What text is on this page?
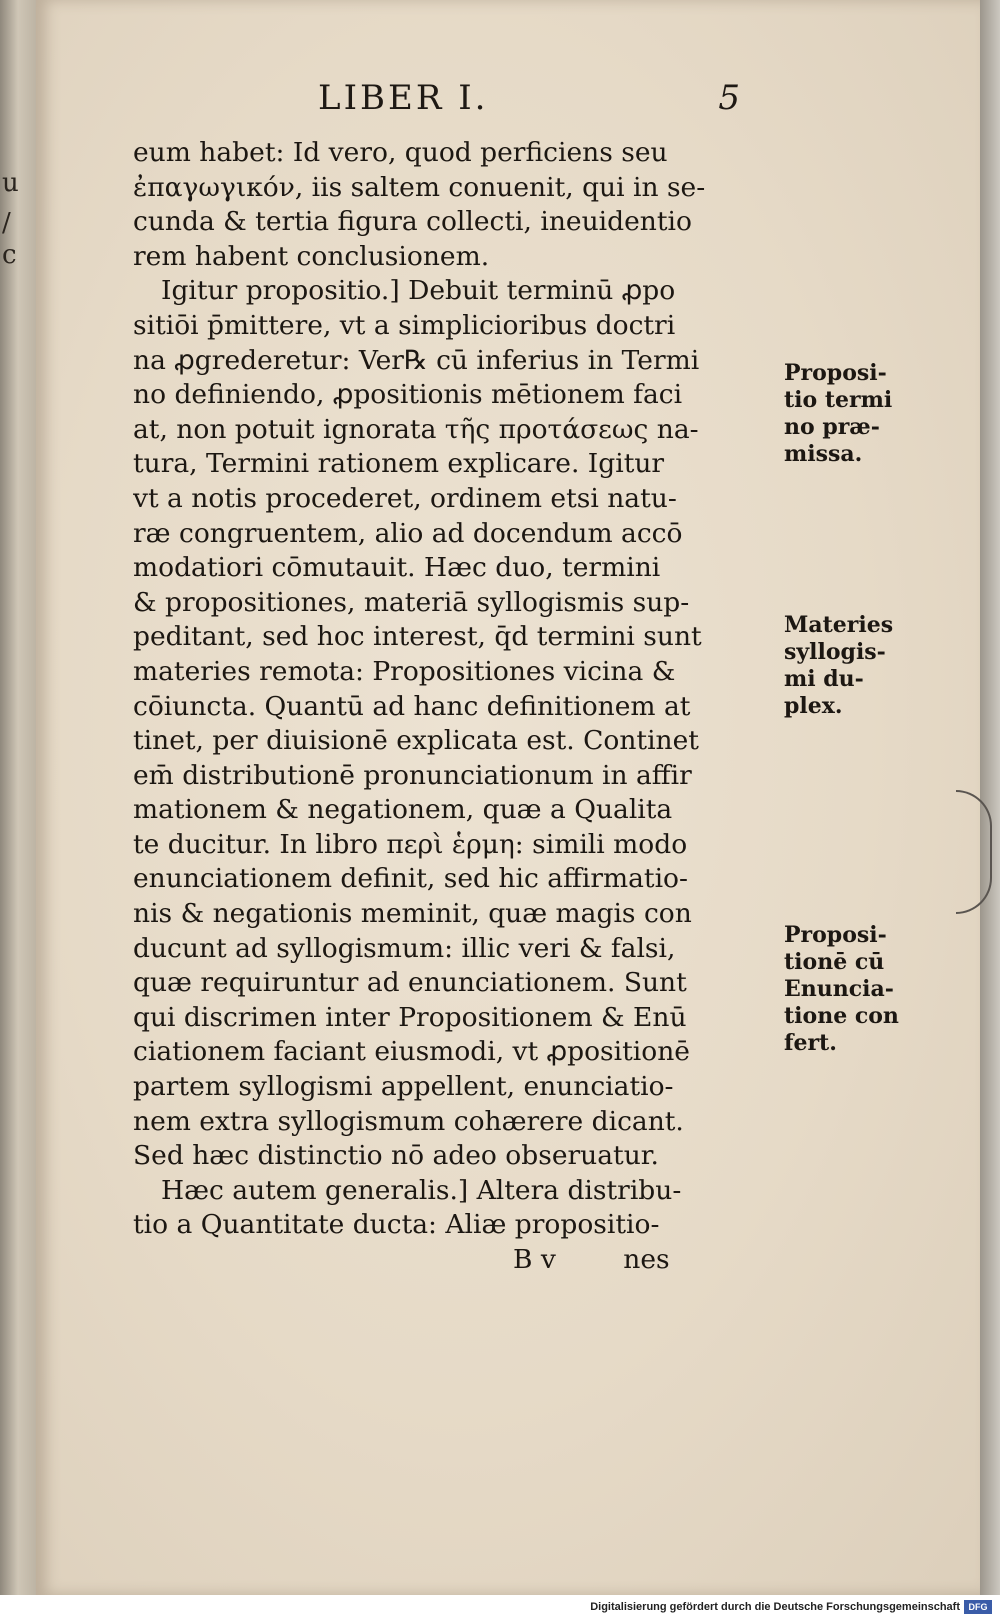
u
/
c
LIBER I.	5
eum habet: Id vero, quod perficiens seu
ἐπαγωγικόν, iis saltem conuenit, qui in se-
cunda & tertia figura collecti, ineuidentio
rem habent conclusionem.
Igitur propositio.] Debuit terminū ꝓpo
sitiōi p̄mittere, vt a simplicioribus doctri
na ꝓgrederetur: Ver℞ cū inferius in Termi
no definiendo, ꝓpositionis mētionem faci
at, non potuit ignorata τῆς προτάσεως na-
tura, Termini rationem explicare. Igitur
vt a notis procederet, ordinem etsi natu-
ræ congruentem, alio ad docendum accō
modatiori cōmutauit. Hæc duo, termini
& propositiones, materiā syllogismis sup-
peditant, sed hoc interest, q̄d termini sunt
materies remota: Propositiones vicina &
cōiuncta. Quantū ad hanc definitionem at
tinet, per diuisionē explicata est. Continet
em̄ distributionē pronunciationum in affir
mationem & negationem, quæ a Qualita
te ducitur. In libro περὶ ἑρμη: simili modo
enunciationem definit, sed hic affirmatio-
nis & negationis meminit, quæ magis con
ducunt ad syllogismum: illic veri & falsi,
quæ requiruntur ad enunciationem. Sunt
qui discrimen inter Propositionem & Enū
ciationem faciant eiusmodi, vt ꝓpositionē
partem syllogismi appellent, enunciatio-
nem extra syllogismum cohærere dicant.
Sed hæc distinctio nō adeo obseruatur.
Hæc autem generalis.] Altera distribu-
tio a Quantitate ducta: Aliæ propositio-
B v        nes
Proposi-
tio termi
no præ-
missa.
Materies
syllogis-
mi du-
plex.
Proposi-
tionē cū
Enuncia-
tione con
fert.
Digitalisierung gefördert durch die Deutsche Forschungsgemeinschaft DFG
